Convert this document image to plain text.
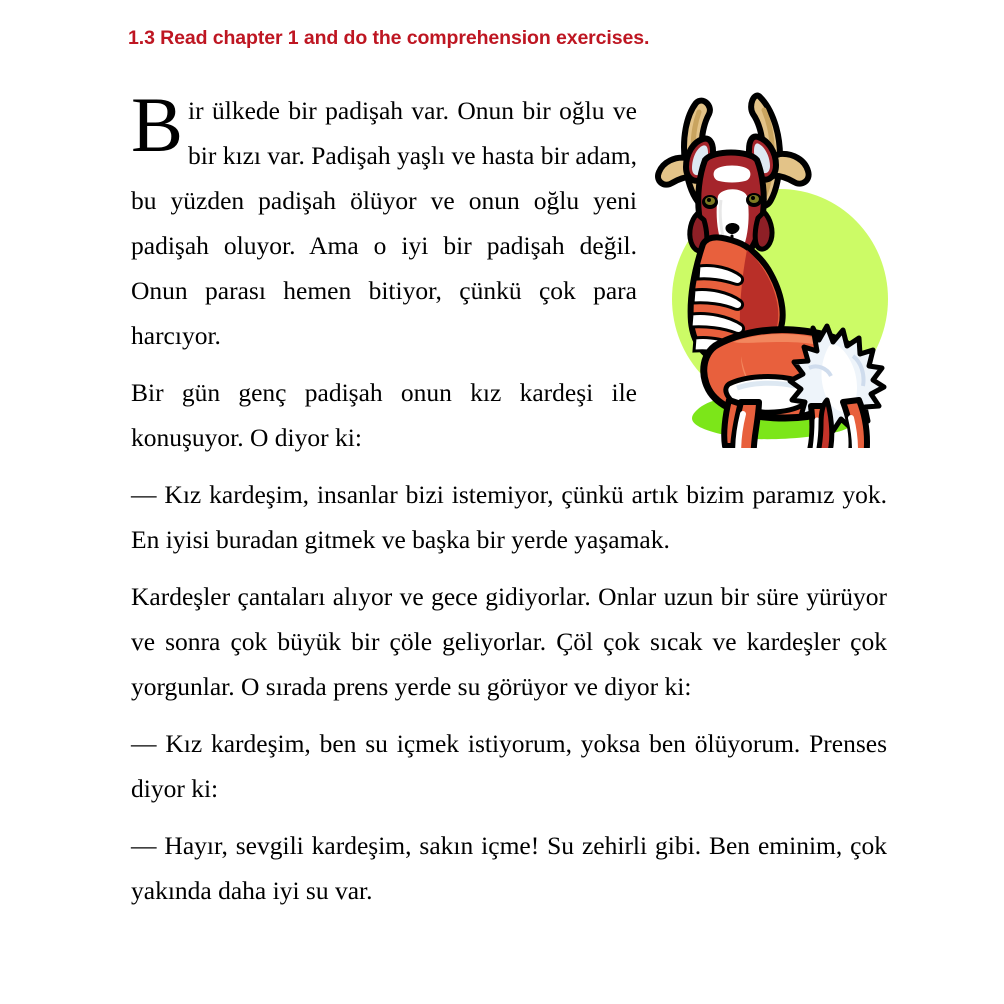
1.3 Read chapter 1 and do the comprehension exercises.

Bir ülkede bir padişah var. Onun bir oğlu ve bir kızı var. Padişah yaşlı ve hasta bir adam, bu yüzden padişah ölüyor ve onun oğlu yeni padişah oluyor. Ama o iyi bir padişah değil. Onun parası hemen bitiyor, çünkü çok para harcıyor.

Bir gün genç padişah onun kız kardeşi ile konuşuyor. O diyor ki:

— Kız kardeşim, insanlar bizi istemiyor, çünkü artık bizim paramız yok. En iyisi buradan gitmek ve başka bir yerde yaşamak.

Kardeşler çantaları alıyor ve gece gidiyorlar. Onlar uzun bir süre yürüyor ve sonra çok büyük bir çöle geliyorlar. Çöl çok sıcak ve kardeşler çok yorgunlar. O sırada prens yerde su görüyor ve diyor ki:

— Kız kardeşim, ben su içmek istiyorum, yoksa ben ölüyorum. Prenses diyor ki:

— Hayır, sevgili kardeşim, sakın içme! Su zehirli gibi. Ben eminim, çok yakında daha iyi su var.
